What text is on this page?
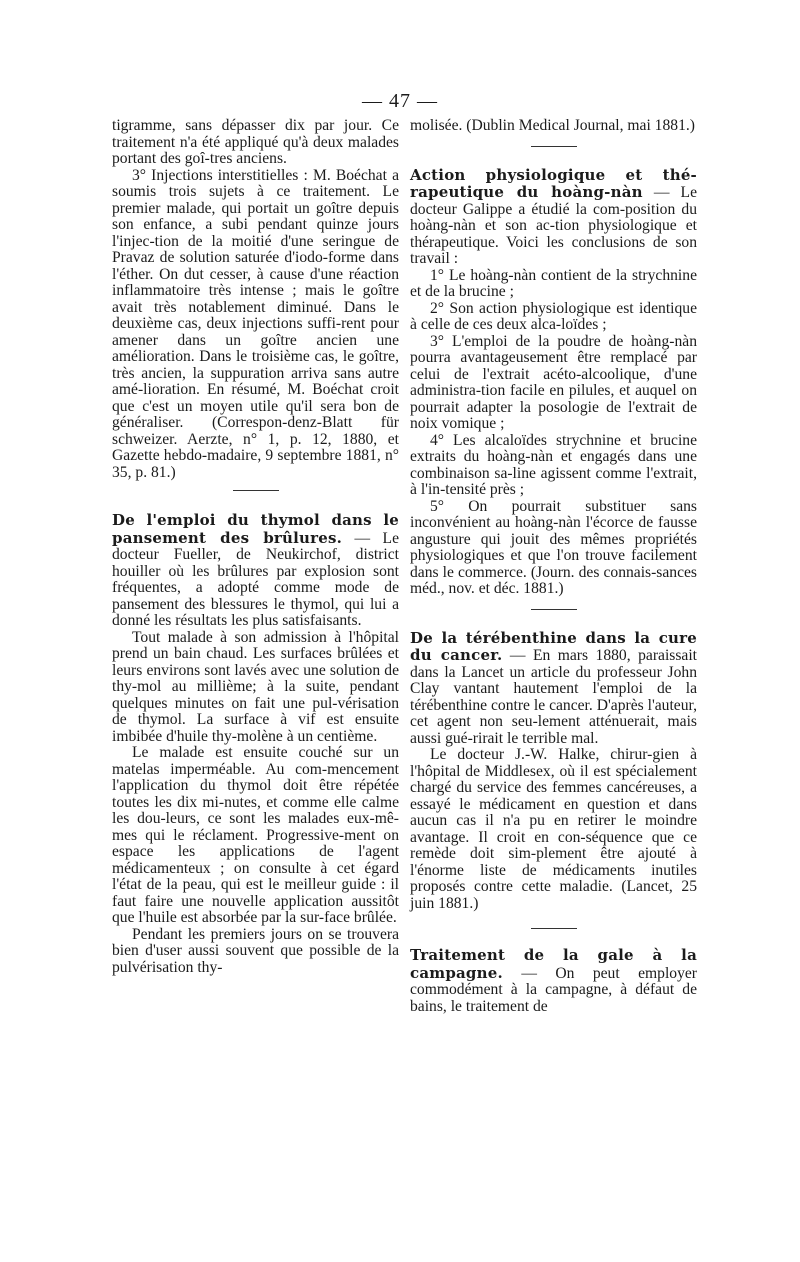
— 47 —

tigramme, sans dépasser dix par jour. Ce traitement n'a été appliqué qu'à deux malades portant des goî-tres anciens.

3° Injections interstitielles : M. Boéchat a soumis trois sujets à ce traitement. Le premier malade, qui portait un goître depuis son enfance, a subi pendant quinze jours l'injec-tion de la moitié d'une seringue de Pravaz de solution saturée d'iodo-forme dans l'éther. On dut cesser, à cause d'une réaction inflammatoire très intense ; mais le goître avait très notablement diminué. Dans le deuxième cas, deux injections suffi-rent pour amener dans un goître ancien une amélioration. Dans le troisième cas, le goître, très ancien, la suppuration arriva sans autre amé-lioration. En résumé, M. Boéchat croit que c'est un moyen utile qu'il sera bon de généraliser. (Correspon-denz-Blatt für schweizer. Aerzte, n° 1, p. 12, 1880, et Gazette hebdo-madaire, 9 septembre 1881, n° 35, p. 81.)

De l'emploi du thymol dans le pansement des brûlures. — Le docteur Fueller, de Neukirchof, district houiller où les brûlures par explosion sont fréquentes, a adopté comme mode de pansement des blessures le thymol, qui lui a donné les résultats les plus satisfaisants.

Tout malade à son admission à l'hôpital prend un bain chaud. Les surfaces brûlées et leurs environs sont lavés avec une solution de thy-mol au millième; à la suite, pendant quelques minutes on fait une pul-vérisation de thymol. La surface à vif est ensuite imbibée d'huile thy-molène à un centième.

Le malade est ensuite couché sur un matelas imperméable. Au com-mencement l'application du thymol doit être répétée toutes les dix mi-nutes, et comme elle calme les dou-leurs, ce sont les malades eux-mê-mes qui le réclament. Progressive-ment on espace les applications de l'agent médicamenteux ; on consulte à cet égard l'état de la peau, qui est le meilleur guide : il faut faire une nouvelle application aussitôt que l'huile est absorbée par la sur-face brûlée.

Pendant les premiers jours on se trouvera bien d'user aussi souvent que possible de la pulvérisation thy-

molisée. (Dublin Medical Journal, mai 1881.)

Action physiologique et thé-rapeutique du hoàng-nàn — Le docteur Galippe a étudié la com-position du hoàng-nàn et son ac-tion physiologique et thérapeutique. Voici les conclusions de son travail :

1° Le hoàng-nàn contient de la strychnine et de la brucine ;

2° Son action physiologique est identique à celle de ces deux alca-loïdes ;

3° L'emploi de la poudre de hoàng-nàn pourra avantageusement être remplacé par celui de l'extrait acéto-alcoolique, d'une administra-tion facile en pilules, et auquel on pourrait adapter la posologie de l'extrait de noix vomique ;

4° Les alcaloïdes strychnine et brucine extraits du hoàng-nàn et engagés dans une combinaison sa-line agissent comme l'extrait, à l'in-tensité près ;

5° On pourrait substituer sans inconvénient au hoàng-nàn l'écorce de fausse angusture qui jouit des mêmes propriétés physiologiques et que l'on trouve facilement dans le commerce. (Journ. des connais-sances méd., nov. et déc. 1881.)

De la térébenthine dans la cure du cancer. — En mars 1880, paraissait dans la Lancet un article du professeur John Clay vantant hautement l'emploi de la térébenthine contre le cancer. D'après l'auteur, cet agent non seu-lement atténuerait, mais aussi gué-rirait le terrible mal.

Le docteur J.-W. Halke, chirur-gien à l'hôpital de Middlesex, où il est spécialement chargé du service des femmes cancéreuses, a essayé le médicament en question et dans aucun cas il n'a pu en retirer le moindre avantage. Il croit en con-séquence que ce remède doit sim-plement être ajouté à l'énorme liste de médicaments inutiles proposés contre cette maladie. (Lancet, 25 juin 1881.)

Traitement de la gale à la campagne. — On peut employer commodément à la campagne, à défaut de bains, le traitement de
